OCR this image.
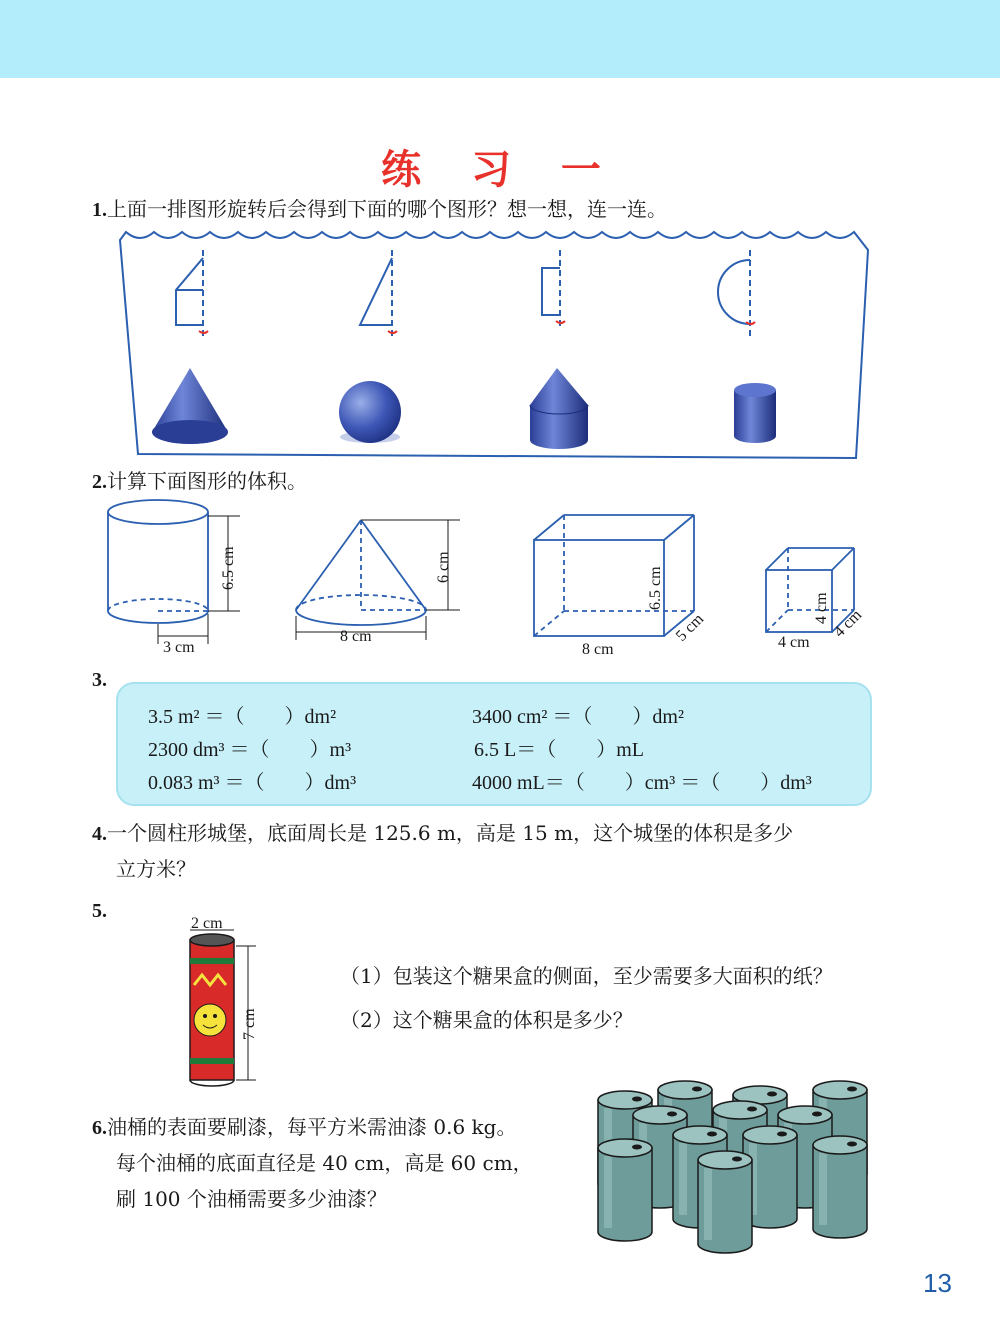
练 习 一
1.上面一排图形旋转后会得到下面的哪个图形？想一想，连一连。
2.计算下面图形的体积。
6.5 cm
3 cm
6 cm
8 cm
6.5 cm
8 cm
5 cm
4 cm
4 cm
4 cm
3.
3.5 m² ＝（　　）dm²	3400 cm² ＝（　　）dm²
2300 dm³ ＝（　　）m³	6.5 L＝（　　）mL
0.083 m³ ＝（　　）dm³	4000 mL＝（　　）cm³ ＝（　　）dm³
4.一个圆柱形城堡，底面周长是 125.6 m，高是 15 m，这个城堡的体积是多少
立方米？
5.
2 cm
7 cm
（1）包装这个糖果盒的侧面，至少需要多大面积的纸？
（2）这个糖果盒的体积是多少？
6.油桶的表面要刷漆，每平方米需油漆 0.6 kg。
每个油桶的底面直径是 40 cm，高是 60 cm，
刷 100 个油桶需要多少油漆？
13
